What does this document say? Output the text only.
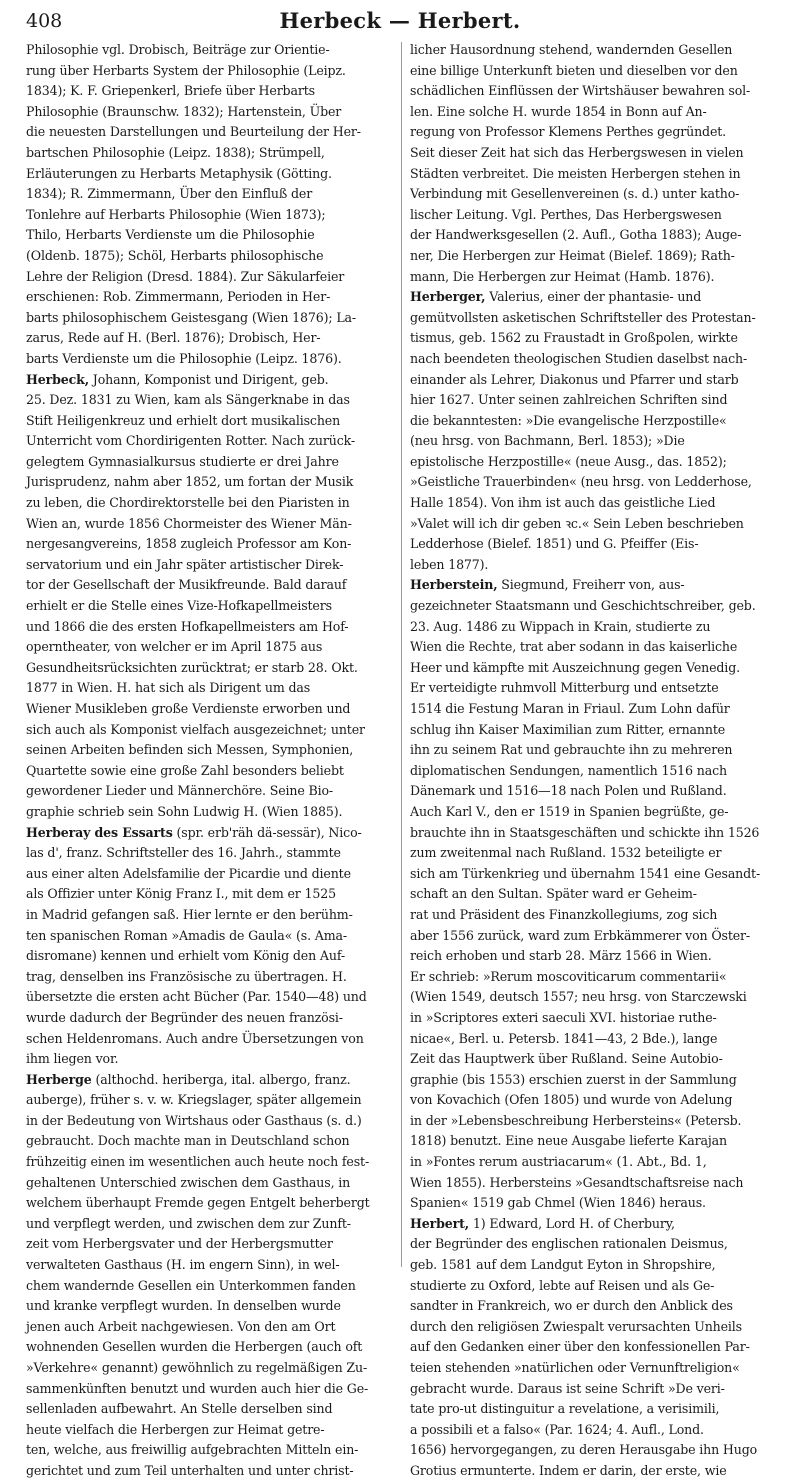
408	Herbeck — Herbert.
Philosophie vgl. Drobisch, Beiträge zur Orientie-
rung über Herbarts System der Philosophie (Leipz.
1834); K. F. Griepenkerl, Briefe über Herbarts
Philosophie (Braunschw. 1832); Hartenstein, Über
die neuesten Darstellungen und Beurteilung der Her-
bartschen Philosophie (Leipz. 1838); Strümpell,
Erläuterungen zu Herbarts Metaphysik (Götting.
1834); R. Zimmermann, Über den Einfluß der
Tonlehre auf Herbarts Philosophie (Wien 1873);
Thilo, Herbarts Verdienste um die Philosophie
(Oldenb. 1875); Schöl, Herbarts philosophische
Lehre der Religion (Dresd. 1884). Zur Säkularfeier
erschienen: Rob. Zimmermann, Perioden in Her-
barts philosophischem Geistesgang (Wien 1876); La-
zarus, Rede auf H. (Berl. 1876); Drobisch, Her-
barts Verdienste um die Philosophie (Leipz. 1876).
Herbeck, Johann, Komponist und Dirigent, geb.
25. Dez. 1831 zu Wien, kam als Sängerknabe in das
Stift Heiligenkreuz und erhielt dort musikalischen
Unterricht vom Chordirigenten Rotter. Nach zurück-
gelegtem Gymnasialkursus studierte er drei Jahre
Jurisprudenz, nahm aber 1852, um fortan der Musik
zu leben, die Chordirektorstelle bei den Piaristen in
Wien an, wurde 1856 Chormeister des Wiener Män-
nergesangvereins, 1858 zugleich Professor am Kon-
servatorium und ein Jahr später artistischer Direk-
tor der Gesellschaft der Musikfreunde. Bald darauf
erhielt er die Stelle eines Vize-Hofkapellmeisters
und 1866 die des ersten Hofkapellmeisters am Hof-
operntheater, von welcher er im April 1875 aus
Gesundheitsrücksichten zurücktrat; er starb 28. Okt.
1877 in Wien. H. hat sich als Dirigent um das
Wiener Musikleben große Verdienste erworben und
sich auch als Komponist vielfach ausgezeichnet; unter
seinen Arbeiten befinden sich Messen, Symphonien,
Quartette sowie eine große Zahl besonders beliebt
gewordener Lieder und Männerchöre. Seine Bio-
graphie schrieb sein Sohn Ludwig H. (Wien 1885).
Herberay des Essarts (spr. erb'räh dä-sessär), Nico-
las d', franz. Schriftsteller des 16. Jahrh., stammte
aus einer alten Adelsfamilie der Picardie und diente
als Offizier unter König Franz I., mit dem er 1525
in Madrid gefangen saß. Hier lernte er den berühm-
ten spanischen Roman »Amadis de Gaula« (s. Ama-
disromane) kennen und erhielt vom König den Auf-
trag, denselben ins Französische zu übertragen. H.
übersetzte die ersten acht Bücher (Par. 1540—48) und
wurde dadurch der Begründer des neuen französi-
schen Heldenromans. Auch andre Übersetzungen von
ihm liegen vor.
Herberge (althochd. heriberga, ital. albergo, franz.
auberge), früher s. v. w. Kriegslager, später allgemein
in der Bedeutung von Wirtshaus oder Gasthaus (s. d.)
gebraucht. Doch machte man in Deutschland schon
frühzeitig einen im wesentlichen auch heute noch fest-
gehaltenen Unterschied zwischen dem Gasthaus, in
welchem überhaupt Fremde gegen Entgelt beherbergt
und verpflegt werden, und zwischen dem zur Zunft-
zeit vom Herbergsvater und der Herbergsmutter
verwalteten Gasthaus (H. im engern Sinn), in wel-
chem wandernde Gesellen ein Unterkommen fanden
und kranke verpflegt wurden. In denselben wurde
jenen auch Arbeit nachgewiesen. Von den am Ort
wohnenden Gesellen wurden die Herbergen (auch oft
»Verkehre« genannt) gewöhnlich zu regelmäßigen Zu-
sammenkünften benutzt und wurden auch hier die Ge-
sellenladen aufbewahrt. An Stelle derselben sind
heute vielfach die Herbergen zur Heimat getre-
ten, welche, aus freiwillig aufgebrachten Mitteln ein-
gerichtet und zum Teil unterhalten und unter christ-
licher Hausordnung stehend, wandernden Gesellen
eine billige Unterkunft bieten und dieselben vor den
schädlichen Einflüssen der Wirtshäuser bewahren sol-
len. Eine solche H. wurde 1854 in Bonn auf An-
regung von Professor Klemens Perthes gegründet.
Seit dieser Zeit hat sich das Herbergswesen in vielen
Städten verbreitet. Die meisten Herbergen stehen in
Verbindung mit Gesellenvereinen (s. d.) unter katho-
lischer Leitung. Vgl. Perthes, Das Herbergswesen
der Handwerksgesellen (2. Aufl., Gotha 1883); Auge-
ner, Die Herbergen zur Heimat (Bielef. 1869); Rath-
mann, Die Herbergen zur Heimat (Hamb. 1876).
Herberger, Valerius, einer der phantasie- und
gemütvollsten asketischen Schriftsteller des Protestan-
tismus, geb. 1562 zu Fraustadt in Großpolen, wirkte
nach beendeten theologischen Studien daselbst nach-
einander als Lehrer, Diakonus und Pfarrer und starb
hier 1627. Unter seinen zahlreichen Schriften sind
die bekanntesten: »Die evangelische Herzpostille«
(neu hrsg. von Bachmann, Berl. 1853); »Die
epistolische Herzpostille« (neue Ausg., das. 1852);
»Geistliche Trauerbinden« (neu hrsg. von Ledderhose,
Halle 1854). Von ihm ist auch das geistliche Lied
»Valet will ich dir geben ꝛc.« Sein Leben beschrieben
Ledderhose (Bielef. 1851) und G. Pfeiffer (Eis-
leben 1877).
Herberstein, Siegmund, Freiherr von, aus-
gezeichneter Staatsmann und Geschichtschreiber, geb.
23. Aug. 1486 zu Wippach in Krain, studierte zu
Wien die Rechte, trat aber sodann in das kaiserliche
Heer und kämpfte mit Auszeichnung gegen Venedig.
Er verteidigte ruhmvoll Mitterburg und entsetzte
1514 die Festung Maran in Friaul. Zum Lohn dafür
schlug ihn Kaiser Maximilian zum Ritter, ernannte
ihn zu seinem Rat und gebrauchte ihn zu mehreren
diplomatischen Sendungen, namentlich 1516 nach
Dänemark und 1516—18 nach Polen und Rußland.
Auch Karl V., den er 1519 in Spanien begrüßte, ge-
brauchte ihn in Staatsgeschäften und schickte ihn 1526
zum zweitenmal nach Rußland. 1532 beteiligte er
sich am Türkenkrieg und übernahm 1541 eine Gesandt-
schaft an den Sultan. Später ward er Geheim-
rat und Präsident des Finanzkollegiums, zog sich
aber 1556 zurück, ward zum Erbkämmerer von Öster-
reich erhoben und starb 28. März 1566 in Wien.
Er schrieb: »Rerum moscoviticarum commentarii«
(Wien 1549, deutsch 1557; neu hrsg. von Starczewski
in »Scriptores exteri saeculi XVI. historiae ruthe-
nicae«, Berl. u. Petersb. 1841—43, 2 Bde.), lange
Zeit das Hauptwerk über Rußland. Seine Autobio-
graphie (bis 1553) erschien zuerst in der Sammlung
von Kovachich (Ofen 1805) und wurde von Adelung
in der »Lebensbeschreibung Herbersteins« (Petersb.
1818) benutzt. Eine neue Ausgabe lieferte Karajan
in »Fontes rerum austriacarum« (1. Abt., Bd. 1,
Wien 1855). Herbersteins »Gesandtschaftsreise nach
Spanien« 1519 gab Chmel (Wien 1846) heraus.
Herbert, 1) Edward, Lord H. of Cherbury,
der Begründer des englischen rationalen Deismus,
geb. 1581 auf dem Landgut Eyton in Shropshire,
studierte zu Oxford, lebte auf Reisen und als Ge-
sandter in Frankreich, wo er durch den Anblick des
durch den religiösen Zwiespalt verursachten Unheils
auf den Gedanken einer über den konfessionellen Par-
teien stehenden »natürlichen oder Vernunftreligion«
gebracht wurde. Daraus ist seine Schrift »De veri-
tate pro-ut distinguitur a revelatione, a verisimili,
a possibili et a falso« (Par. 1624; 4. Aufl., Lond.
1656) hervorgegangen, zu deren Herausgabe ihn Hugo
Grotius ermunterte. Indem er darin, der erste, wie
